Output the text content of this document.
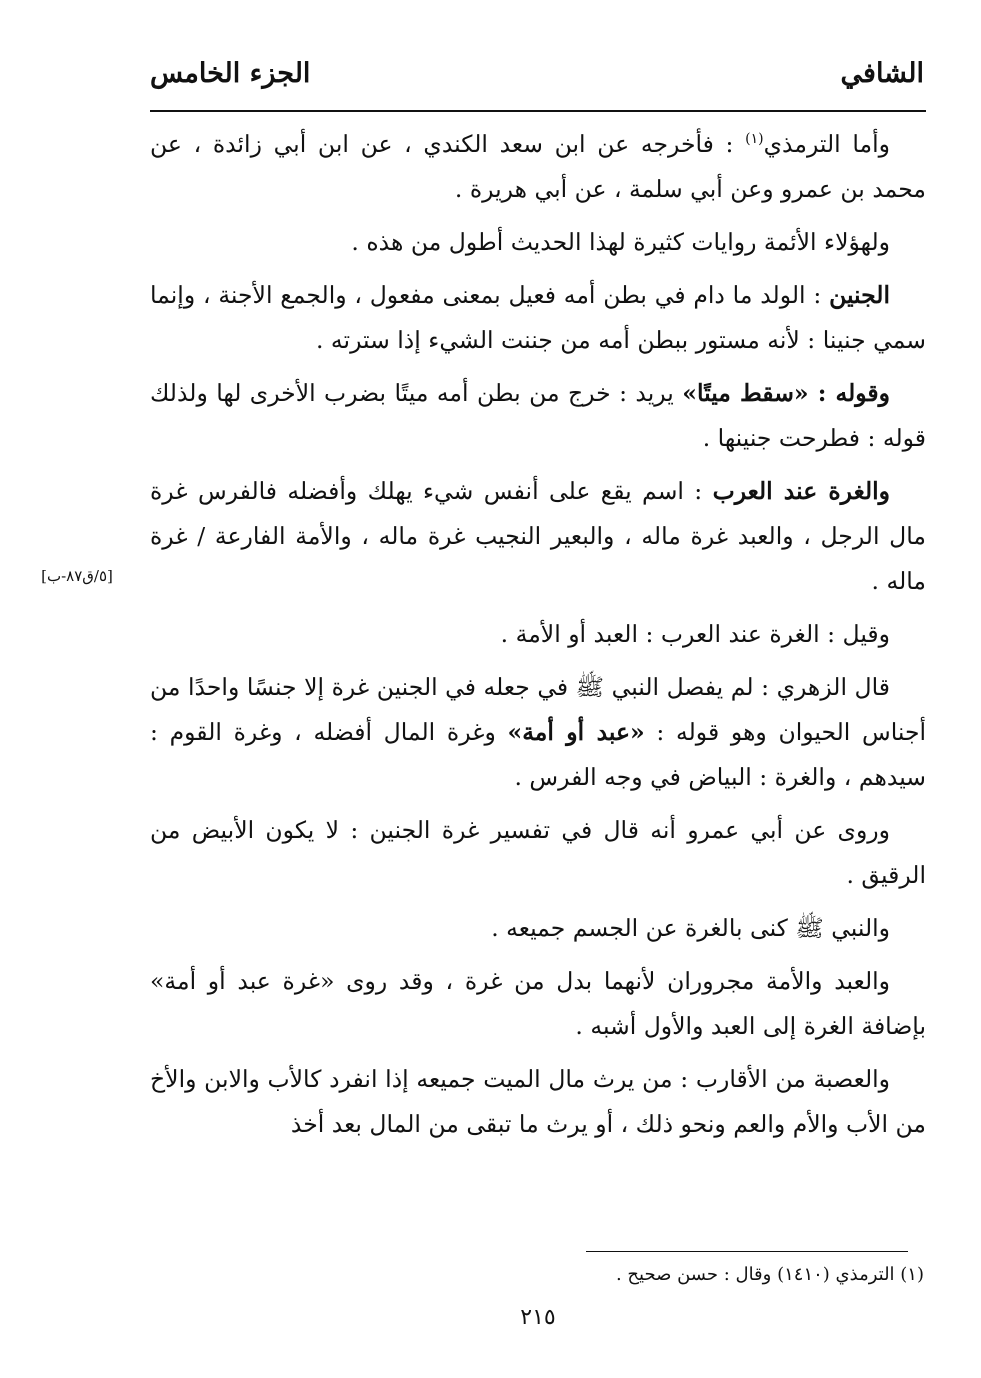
الشافي
الجزء الخامس

وأما الترمذي$^{(١)}$ : فأخرجه عن ابن سعد الكندي ، عن ابن أبي زائدة ، عن محمد بن عمرو وعن أبي سلمة ، عن أبي هريرة .

ولهؤلاء الأئمة روايات كثيرة لهذا الحديث أطول من هذه .

الجنين : الولد ما دام في بطن أمه فعيل بمعنى مفعول ، والجمع الأجنة ، وإنما سمي جنينا : لأنه مستور ببطن أمه من جننت الشيء إذا سترته .

وقوله : «سقط ميتًا» يريد : خرج من بطن أمه ميتًا بضرب الأخرى لها ولذلك قوله : فطرحت جنينها .

والغرة عند العرب : اسم يقع على أنفس شيء يهلك وأفضله فالفرس غرة مال الرجل ، والعبد غرة ماله ، والبعير النجيب غرة ماله ، والأمة الفارعة / غرة ماله .

وقيل : الغرة عند العرب : العبد أو الأمة .

قال الزهري : لم يفصل النبي ﷺ في جعله في الجنين غرة إلا جنسًا واحدًا من أجناس الحيوان وهو قوله : «عبد أو أمة» وغرة المال أفضله ، وغرة القوم : سيدهم ، والغرة : البياض في وجه الفرس .

وروى عن أبي عمرو أنه قال في تفسير غرة الجنين : لا يكون الأبيض من الرقيق .

والنبي ﷺ كنى بالغرة عن الجسم جميعه .

والعبد والأمة مجروران لأنهما بدل من غرة ، وقد روى «غرة عبد أو أمة» بإضافة الغرة إلى العبد والأول أشبه .

والعصبة من الأقارب : من يرث مال الميت جميعه إذا انفرد كالأب والابن والأخ من الأب والأم والعم ونحو ذلك ، أو يرث ما تبقى من المال بعد أخذ

[٥/ق٨٧-ب]
(١) الترمذي (١٤١٠) وقال : حسن صحيح .
٢١٥
